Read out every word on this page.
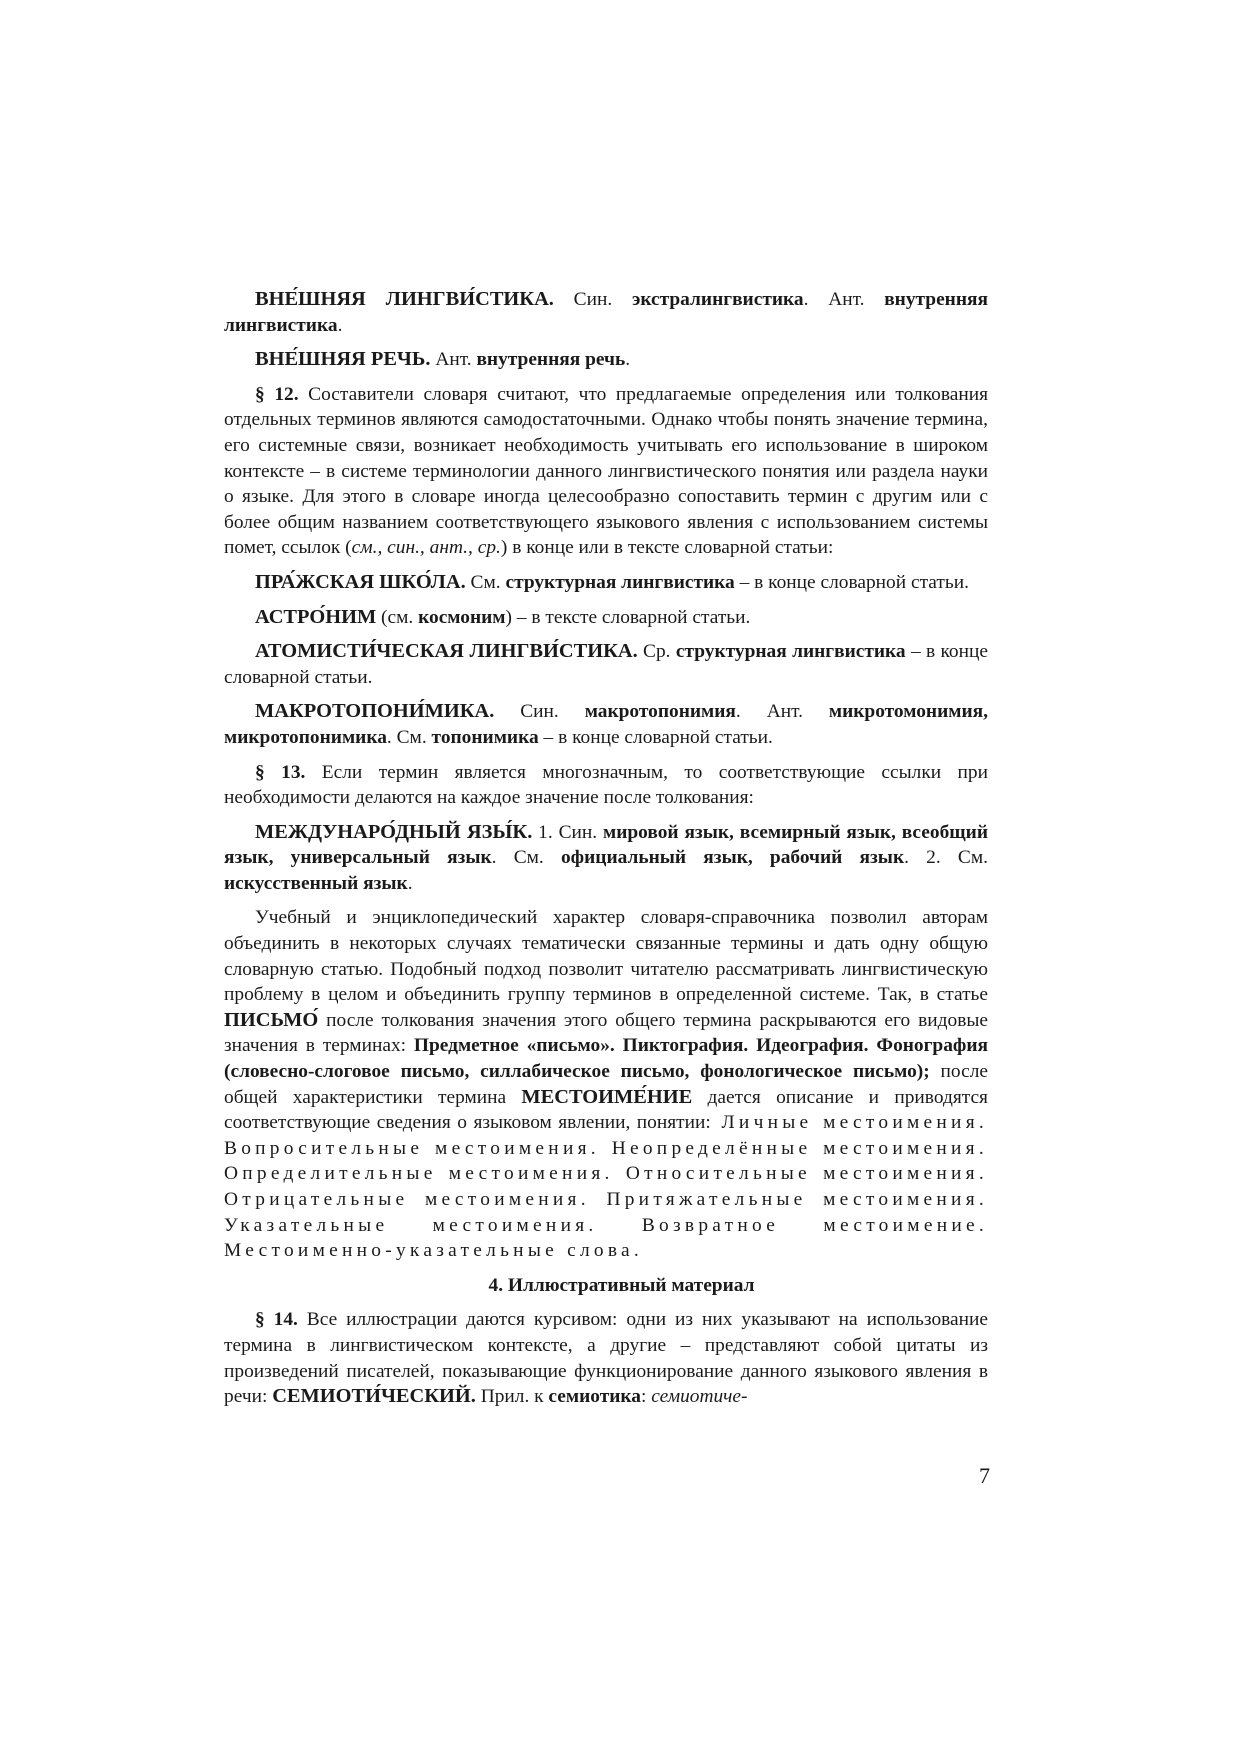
ВНЕ́ШНЯЯ ЛИНГВИ́СТИКА. Син. экстралингвистика. Ант. внутренняя лингвистика.

ВНЕ́ШНЯЯ РЕЧЬ. Ант. внутренняя речь.

§ 12. Составители словаря считают, что предлагаемые определения или толкования отдельных терминов являются самодостаточными. Однако чтобы понять значение термина, его системные связи, возникает необходимость учитывать его использование в широком контексте – в системе терминологии данного лингвистического понятия или раздела науки о языке. Для этого в словаре иногда целесообразно сопоставить термин с другим или с более общим названием соответствующего языкового явления с использованием системы помет, ссылок (см., син., ант., ср.) в конце или в тексте словарной статьи:

ПРА́ЖСКАЯ ШКО́ЛА. См. структурная лингвистика – в конце словарной статьи.

АСТРО́НИМ (см. космоним) – в тексте словарной статьи.

АТОМИСТИ́ЧЕСКАЯ ЛИНГВИ́СТИКА. Ср. структурная лингвистика – в конце словарной статьи.

МАКРОТОПОНИ́МИКА. Син. макротопонимия. Ант. микротомонимия, микротопонимика. См. топонимика – в конце словарной статьи.

§ 13. Если термин является многозначным, то соответствующие ссылки при необходимости делаются на каждое значение после толкования:

МЕЖДУНАРО́ДНЫЙ ЯЗЫ́К. 1. Син. мировой язык, всемирный язык, всеобщий язык, универсальный язык. См. официальный язык, рабочий язык. 2. См. искусственный язык.

Учебный и энциклопедический характер словаря-справочника позволил авторам объединить в некоторых случаях тематически связанные термины и дать одну общую словарную статью. Подобный подход позволит читателю рассматривать лингвистическую проблему в целом и объединить группу терминов в определенной системе. Так, в статье ПИСЬМО́ после толкования значения этого общего термина раскрываются его видовые значения в терминах: Предметное «письмо». Пиктография. Идеография. Фонография (словесно-слоговое письмо, силлабическое письмо, фонологическое письмо); после общей характеристики термина МЕСТОИМЕ́НИЕ дается описание и приводятся соответствующие сведения о языковом явлении, понятии: Личные местоимения. Вопросительные местоимения. Неопределённые местоимения. Определительные местоимения. Относительные местоимения. Отрицательные местоимения. Притяжательные местоимения. Указательные местоимения. Возвратное местоимение. Местоименно-указательные слова.

4. Иллюстративный материал

§ 14. Все иллюстрации даются курсивом: одни из них указывают на использование термина в лингвистическом контексте, а другие – представляют собой цитаты из произведений писателей, показывающие функционирование данного языкового явления в речи: СЕМИОТИ́ЧЕСКИЙ. Прил. к семиотика: семиотиче-

7
